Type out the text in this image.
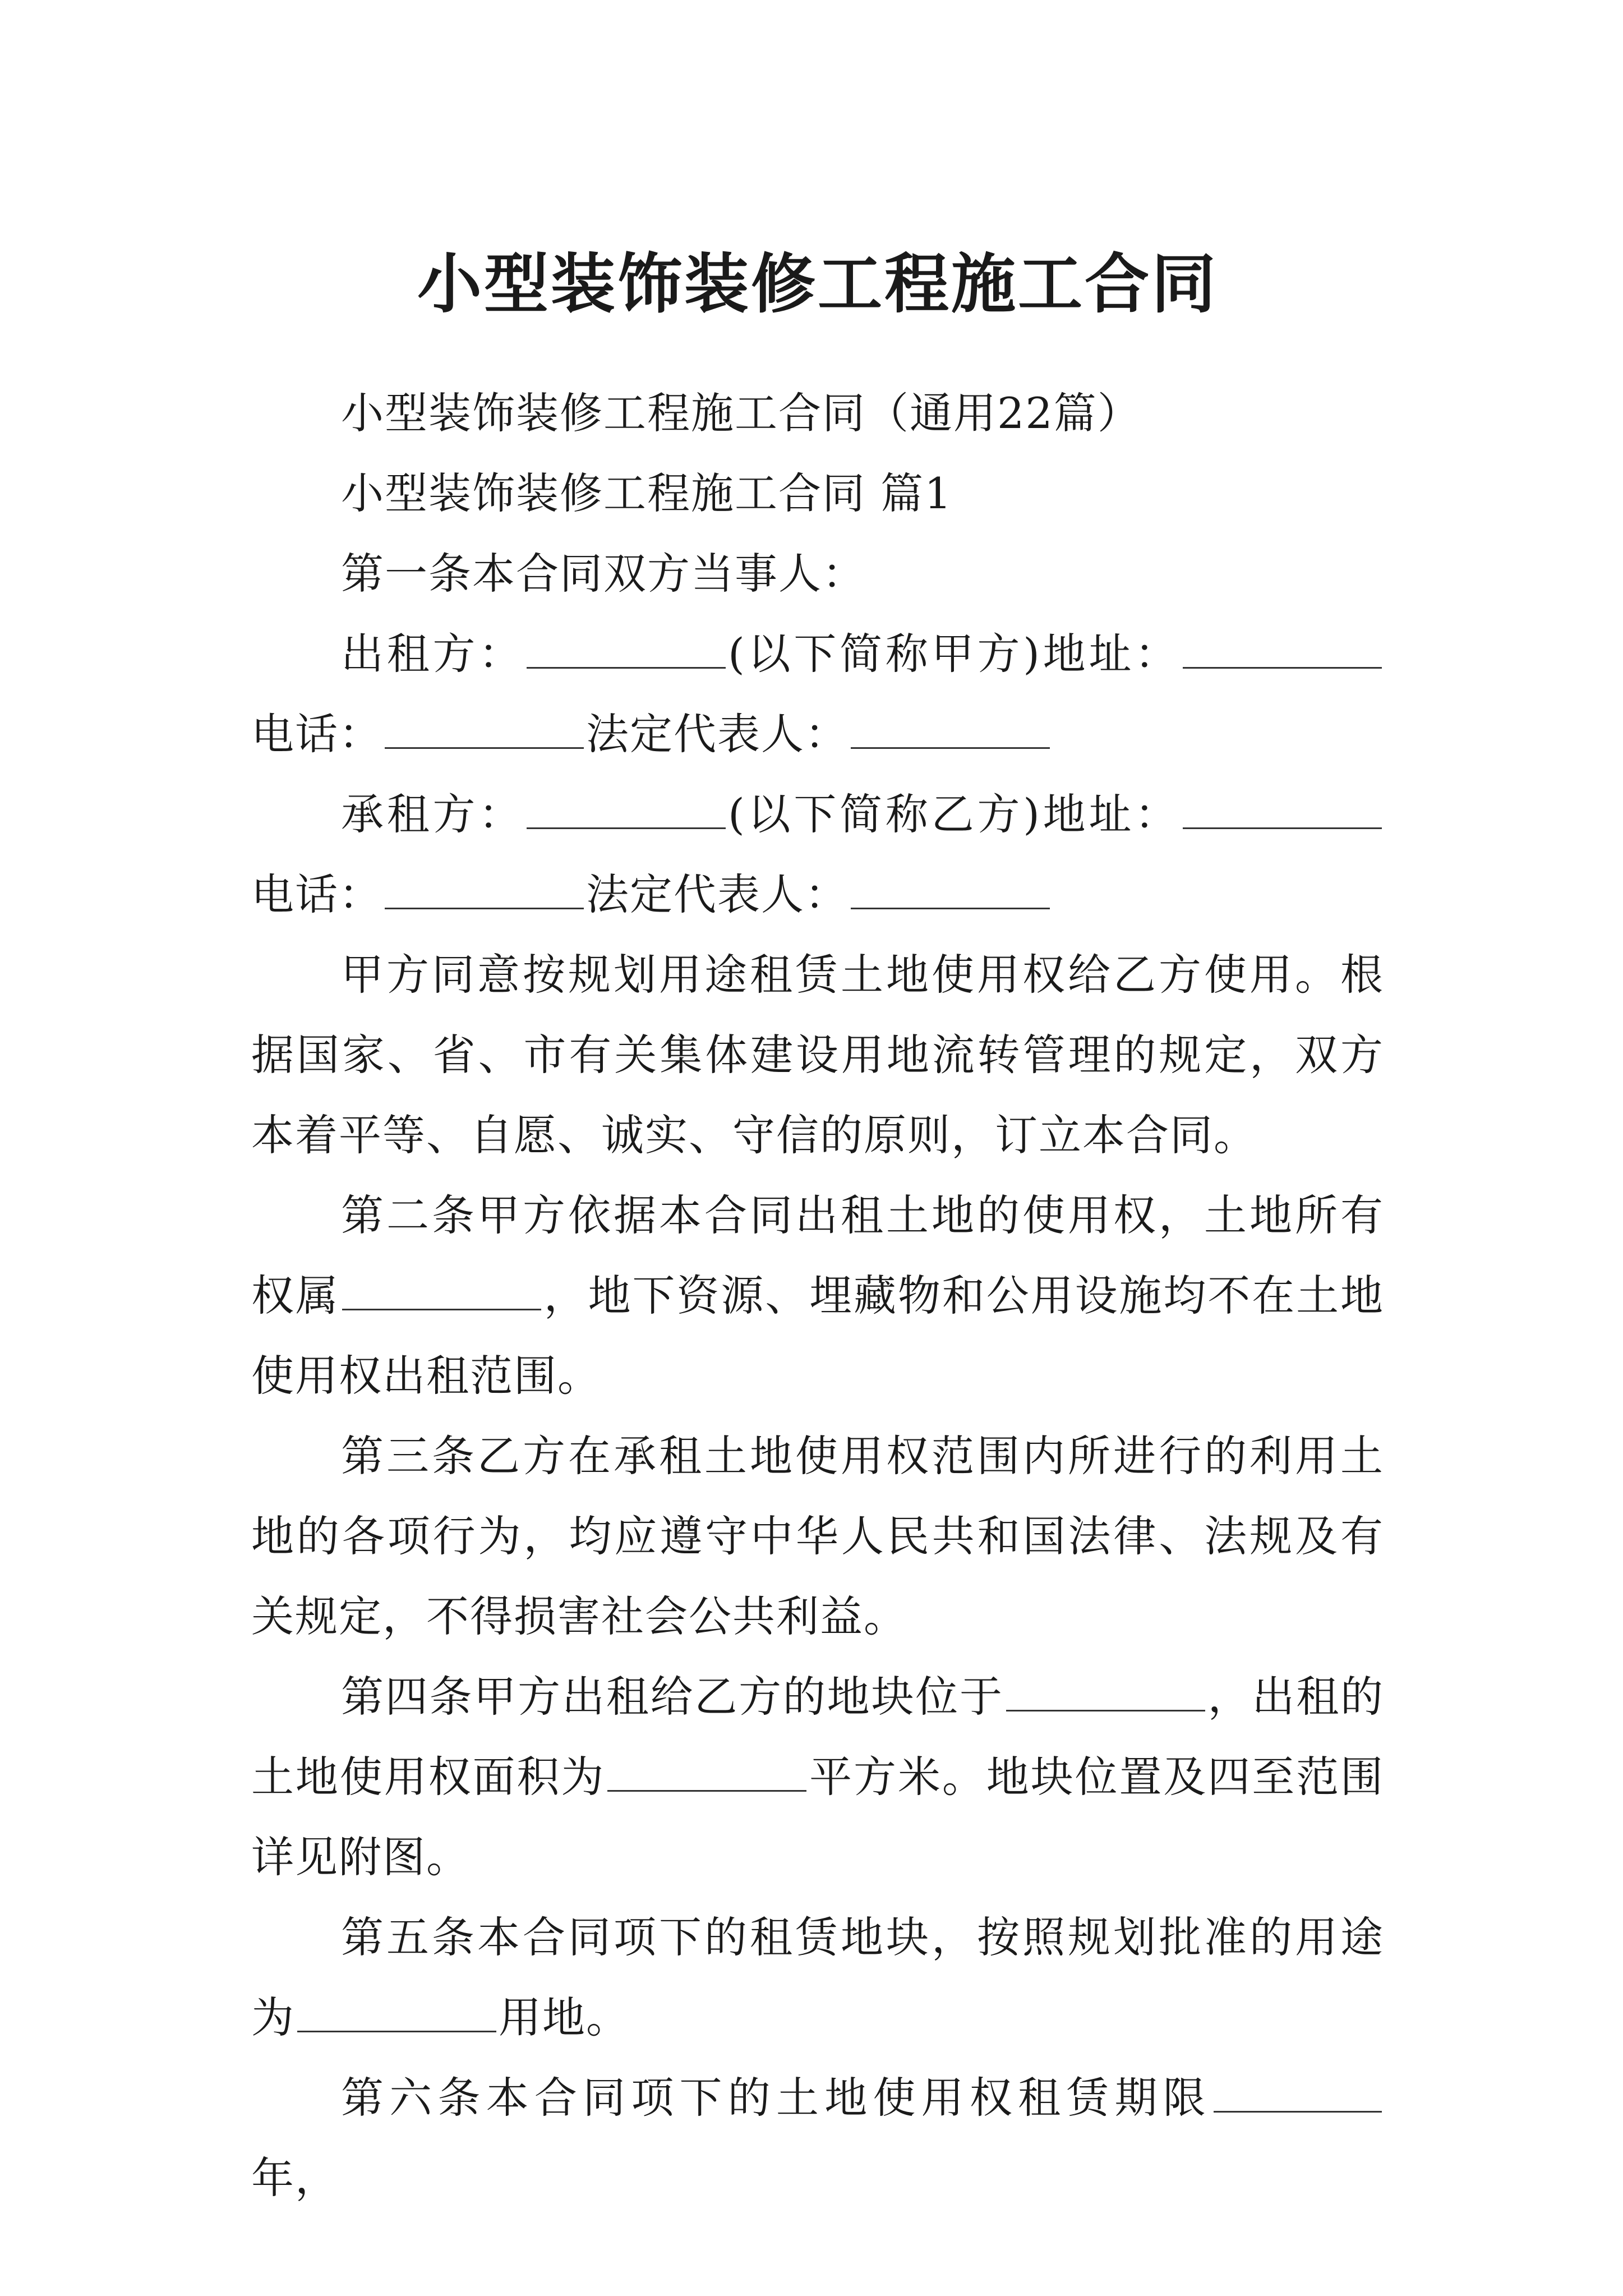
小型装饰装修工程施工合同

小型装饰装修工程施工合同（通用22篇）

小型装饰装修工程施工合同 篇1

第一条本合同双方当事人：

出租方：	(以下简称甲方)地址：电话：	法定代表人：

承租方：	(以下简称乙方)地址：电话：	法定代表人：

甲方同意按规划用途租赁土地使用权给乙方使用。根据国家、省、市有关集体建设用地流转管理的规定，双方本着平等、自愿、诚实、守信的原则，订立本合同。

第二条甲方依据本合同出租土地的使用权，土地所有权属	，地下资源、埋藏物和公用设施均不在土地使用权出租范围。

第三条乙方在承租土地使用权范围内所进行的利用土地的各项行为，均应遵守中华人民共和国法律、法规及有关规定，不得损害社会公共利益。

第四条甲方出租给乙方的地块位于	，出租的土地使用权面积为	平方米。地块位置及四至范围详见附图。

第五条本合同项下的租赁地块，按照规划批准的用途为	用地。

第六条本合同项下的土地使用权租赁期限年，
